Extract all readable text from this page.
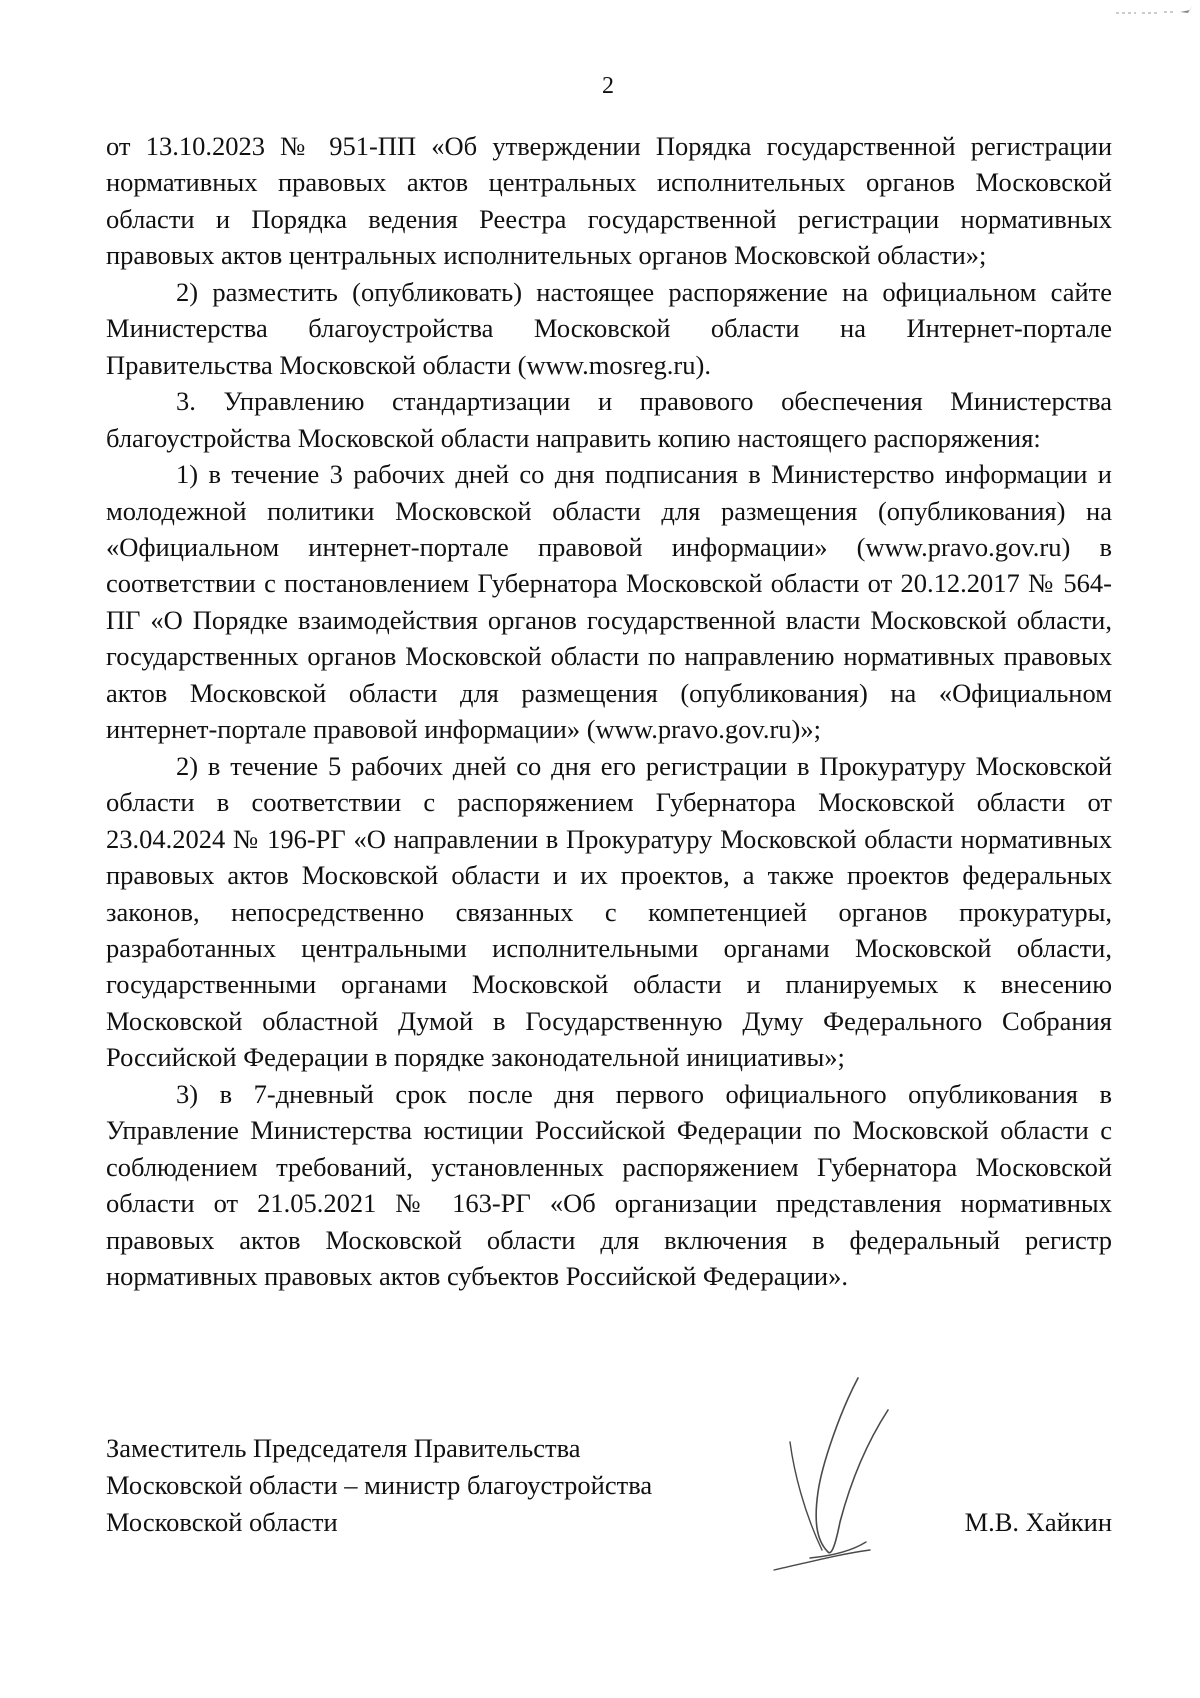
2

от 13.10.2023 № 951-ПП «Об утверждении Порядка государственной регистрации нормативных правовых актов центральных исполнительных органов Московской области и Порядка ведения Реестра государственной регистрации нормативных правовых актов центральных исполнительных органов Московской области»;

2) разместить (опубликовать) настоящее распоряжение на официальном сайте Министерства благоустройства Московской области на Интернет-портале Правительства Московской области (www.mosreg.ru).

3. Управлению стандартизации и правового обеспечения Министерства благоустройства Московской области направить копию настоящего распоряжения:

1) в течение 3 рабочих дней со дня подписания в Министерство информации и молодежной политики Московской области для размещения (опубликования) на «Официальном интернет-портале правовой информации» (www.pravo.gov.ru) в соответствии с постановлением Губернатора Московской области от 20.12.2017 № 564-ПГ «О Порядке взаимодействия органов государственной власти Московской области, государственных органов Московской области по направлению нормативных правовых актов Московской области для размещения (опубликования) на «Официальном интернет-портале правовой информации» (www.pravo.gov.ru)»;

2) в течение 5 рабочих дней со дня его регистрации в Прокуратуру Московской области в соответствии с распоряжением Губернатора Московской области от 23.04.2024 № 196-РГ «О направлении в Прокуратуру Московской области нормативных правовых актов Московской области и их проектов, а также проектов федеральных законов, непосредственно связанных с компетенцией органов прокуратуры, разработанных центральными исполнительными органами Московской области, государственными органами Московской области и планируемых к внесению Московской областной Думой в Государственную Думу Федерального Собрания Российской Федерации в порядке законодательной инициативы»;

3) в 7-дневный срок после дня первого официального опубликования в Управление Министерства юстиции Российской Федерации по Московской области с соблюдением требований, установленных распоряжением Губернатора Московской области от 21.05.2021 № 163-РГ «Об организации представления нормативных правовых актов Московской области для включения в федеральный регистр нормативных правовых актов субъектов Российской Федерации».

Заместитель Председателя Правительства
Московской области – министр благоустройства
Московской области	М.В. Хайкин
